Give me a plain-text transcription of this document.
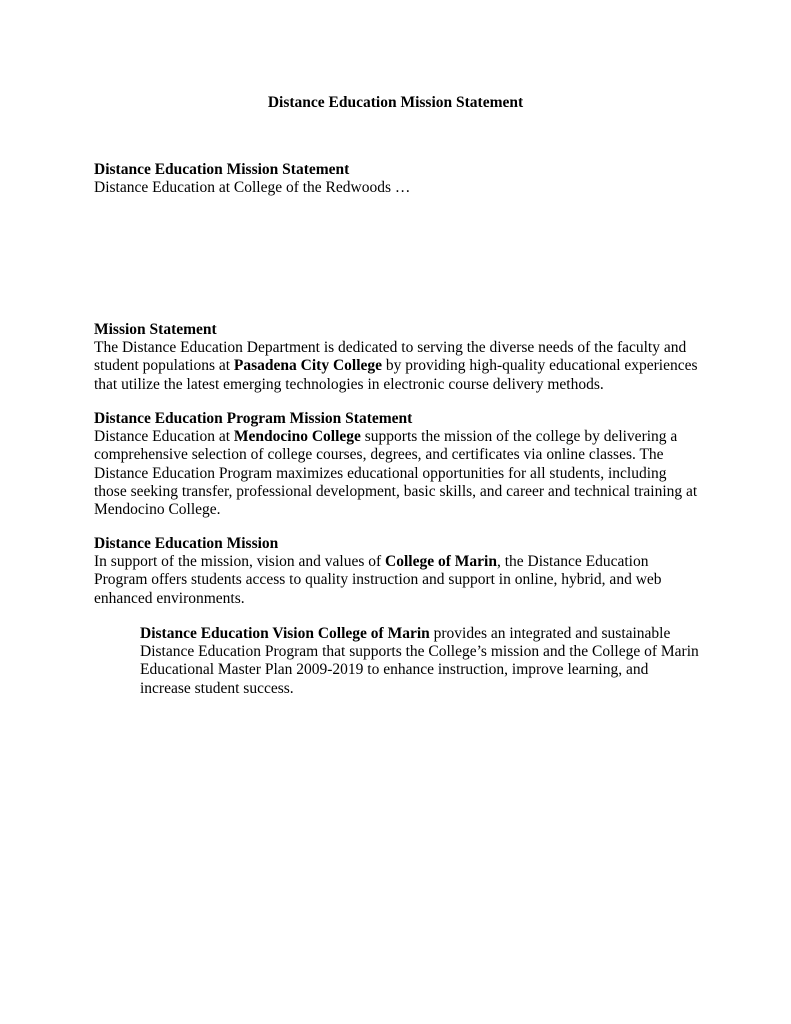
Distance Education Mission Statement

Distance Education Mission Statement

Distance Education at College of the Redwoods …

Mission Statement

The Distance Education Department is dedicated to serving the diverse needs of the faculty and student populations at Pasadena City College by providing high-quality educational experiences that utilize the latest emerging technologies in electronic course delivery methods.

Distance Education Program Mission Statement

Distance Education at Mendocino College supports the mission of the college by delivering a comprehensive selection of college courses, degrees, and certificates via online classes. The Distance Education Program maximizes educational opportunities for all students, including those seeking transfer, professional development, basic skills, and career and technical training at Mendocino College.

Distance Education Mission

In support of the mission, vision and values of College of Marin, the Distance Education Program offers students access to quality instruction and support in online, hybrid, and web enhanced environments.

Distance Education Vision College of Marin provides an integrated and sustainable Distance Education Program that supports the College’s mission and the College of Marin Educational Master Plan 2009-2019 to enhance instruction, improve learning, and increase student success.
